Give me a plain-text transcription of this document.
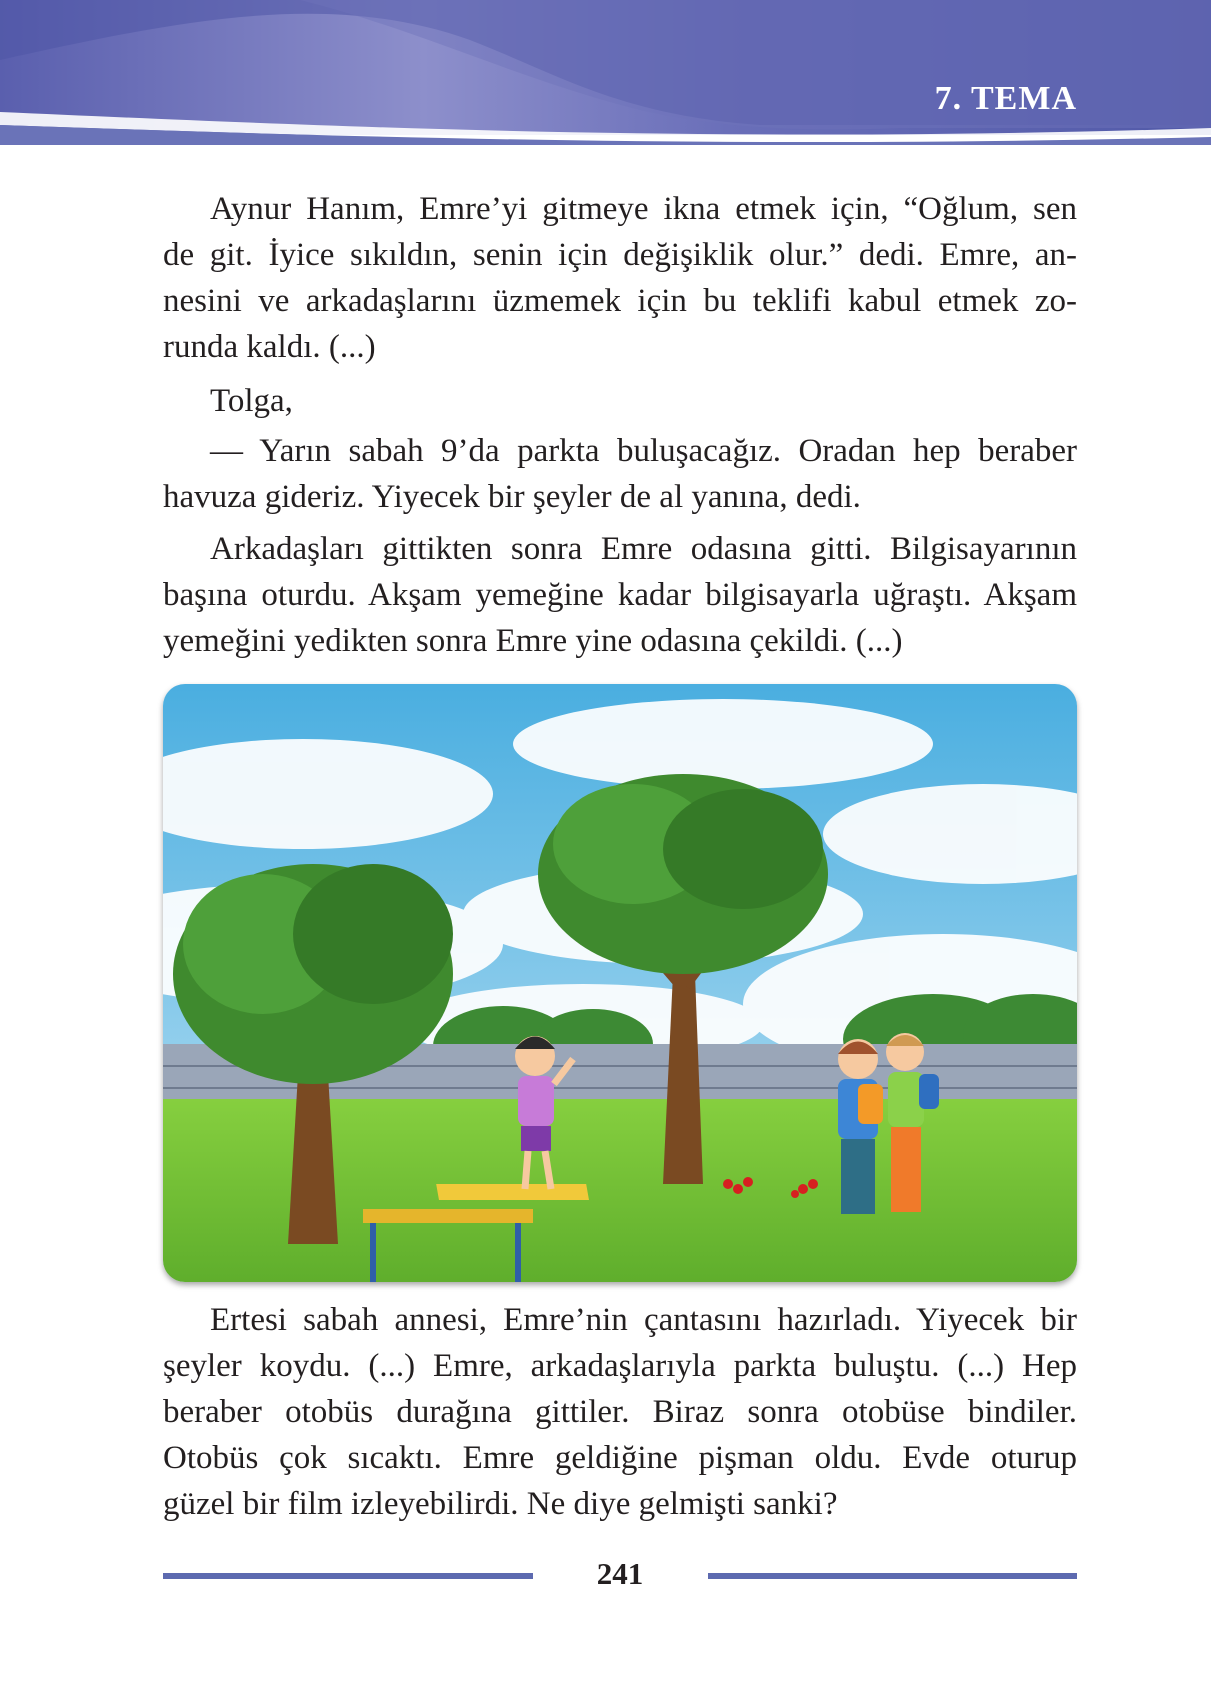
7. TEMA
Aynur Hanım, Emre’yi gitmeye ikna etmek için, “Oğlum, sen
de git. İyice sıkıldın, senin için değişiklik olur.” dedi. Emre, an-
nesini ve arkadaşlarını üzmemek için bu teklifi kabul etmek zo-
runda kaldı. (...)
Tolga,
— Yarın sabah 9’da parkta buluşacağız. Oradan hep beraber
havuza gideriz. Yiyecek bir şeyler de al yanına, dedi.
Arkadaşları gittikten sonra Emre odasına gitti. Bilgisayarının
başına oturdu. Akşam yemeğine kadar bilgisayarla uğraştı. Akşam
yemeğini yedikten sonra Emre yine odasına çekildi. (...)
Ertesi sabah annesi, Emre’nin çantasını hazırladı. Yiyecek bir
şeyler koydu. (...) Emre, arkadaşlarıyla parkta buluştu. (...) Hep
beraber otobüs durağına gittiler. Biraz sonra otobüse bindiler.
Otobüs çok sıcaktı. Emre geldiğine pişman oldu. Evde oturup
güzel bir film izleyebilirdi. Ne diye gelmişti sanki?
241
